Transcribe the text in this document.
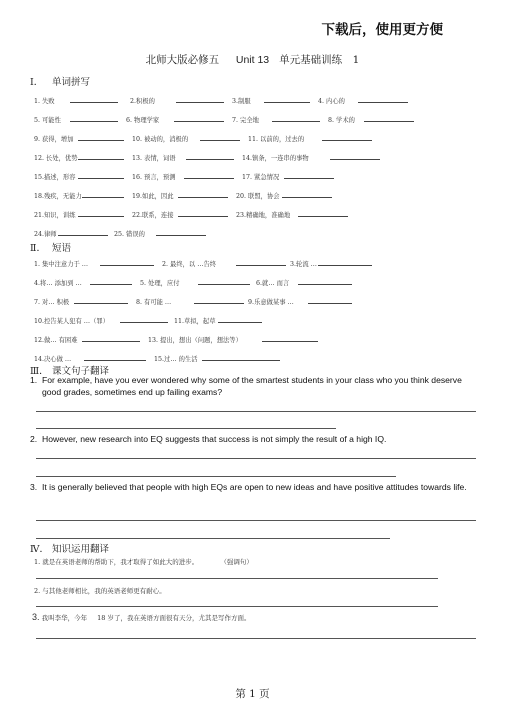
下载后，使用更方便
北师大版必修五 Unit 13 单元基础训练　1
Ⅰ． 单词拼写
1. 失败	2.积极的	3.制服	4. 内心的
5. 可能性	6. 物理学家	7. 完全地	8. 学术的
9. 获得，增加	10. 被动的，消极的	11. 以前的，过去的
12. 长处，优势	13. 表情，词语	14.镇条，一连串的事物
15.描述，形容	16. 预言，预测	17. 紧急情况
18.残疾，无能力	19.如此，因此	20. 联盟，协会
21.知识，训练	22.联系，连接	23.精确地，准确地
24.律师	25. 错误的
Ⅱ． 短语
1. 集中注意力于 …	2. 最终，以 …告终	3.轮流 …
4.将… 添加到 …	5. 处理，应付	6.就… 而言
7. 对… 积极	8. 有可能 …	9.乐意做某事 …
10.控告某人犯有 …（罪）	11.草拟，起草
12.做… 有困难	13. 提出，想出（问题，想法等）
14.决心做 …	15.过… 的生活
Ⅲ． 课文句子翻译
1. For example, have you ever wondered why some of the smartest students in your class who you think deserve good grades, sometimes end up failing exams?
2. However, new research into EQ suggests that success is not simply the result of a high IQ.
3. It is generally believed that people with high EQs are open to new ideas and have positive attitudes towards life.
Ⅳ． 知识运用翻译
1. 就是在英语老师的帮助下，我才取得了如此大的进步。	（强调句）
2. 与其他老师相比，我的英语老师更有耐心。
3. 我叫李华，今年 18 岁了，我在英语方面很有天分，尤其是写作方面。
第 1 页
